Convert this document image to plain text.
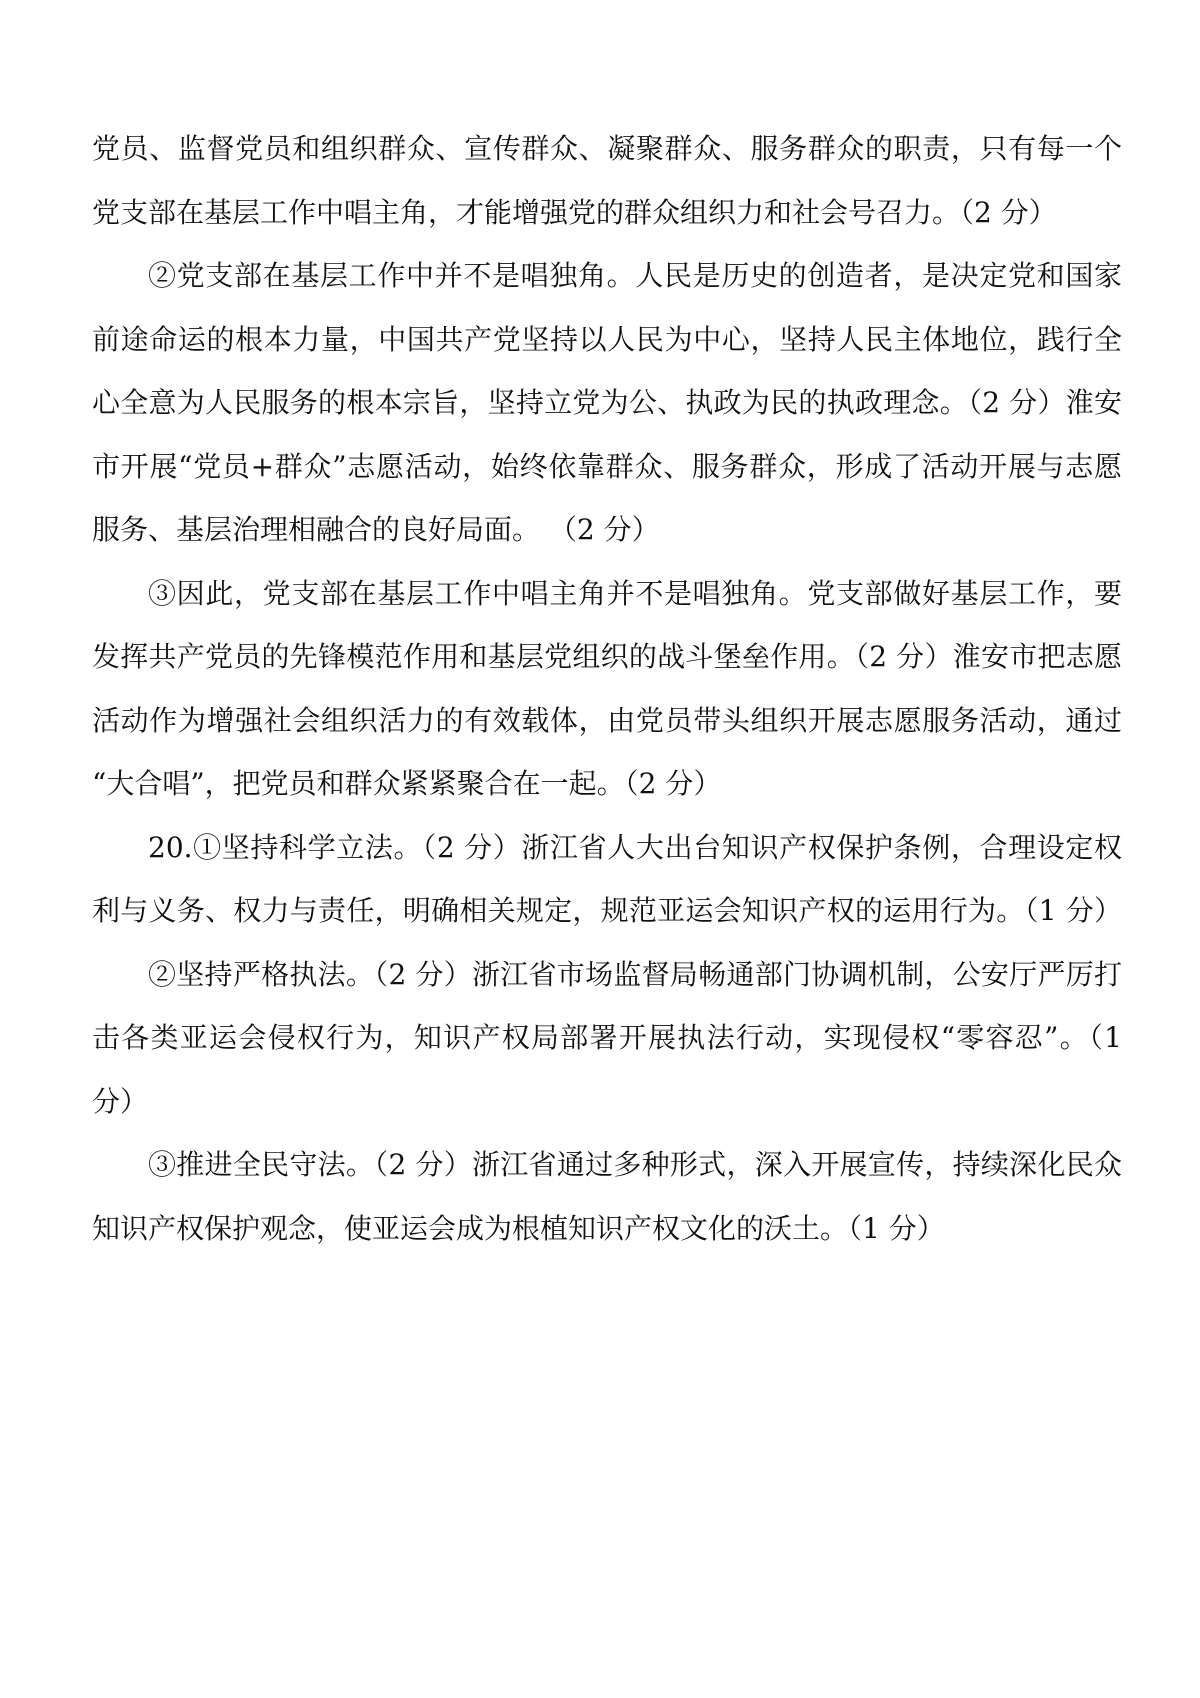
党员、监督党员和组织群众、宣传群众、凝聚群众、服务群众的职责，只有每一个
党支部在基层工作中唱主角，才能增强党的群众组织力和社会号召力。（2 分）
②党支部在基层工作中并不是唱独角。人民是历史的创造者，是决定党和国家
前途命运的根本力量，中国共产党坚持以人民为中心，坚持人民主体地位，践行全
心全意为人民服务的根本宗旨，坚持立党为公、执政为民的执政理念。（2 分）淮安
市开展“党员+群众”志愿活动，始终依靠群众、服务群众，形成了活动开展与志愿
服务、基层治理相融合的良好局面。 （2 分）
③因此，党支部在基层工作中唱主角并不是唱独角。党支部做好基层工作，要
发挥共产党员的先锋模范作用和基层党组织的战斗堡垒作用。（2 分）淮安市把志愿
活动作为增强社会组织活力的有效载体，由党员带头组织开展志愿服务活动，通过
“大合唱”，把党员和群众紧紧聚合在一起。（2 分）
20.①坚持科学立法。（2 分）浙江省人大出台知识产权保护条例，合理设定权
利与义务、权力与责任，明确相关规定，规范亚运会知识产权的运用行为。（1 分）
②坚持严格执法。（2 分）浙江省市场监督局畅通部门协调机制，公安厅严厉打
击各类亚运会侵权行为，知识产权局部署开展执法行动，实现侵权“零容忍”。（1
分）
③推进全民守法。（2 分）浙江省通过多种形式，深入开展宣传，持续深化民众
知识产权保护观念，使亚运会成为根植知识产权文化的沃土。（1 分）
